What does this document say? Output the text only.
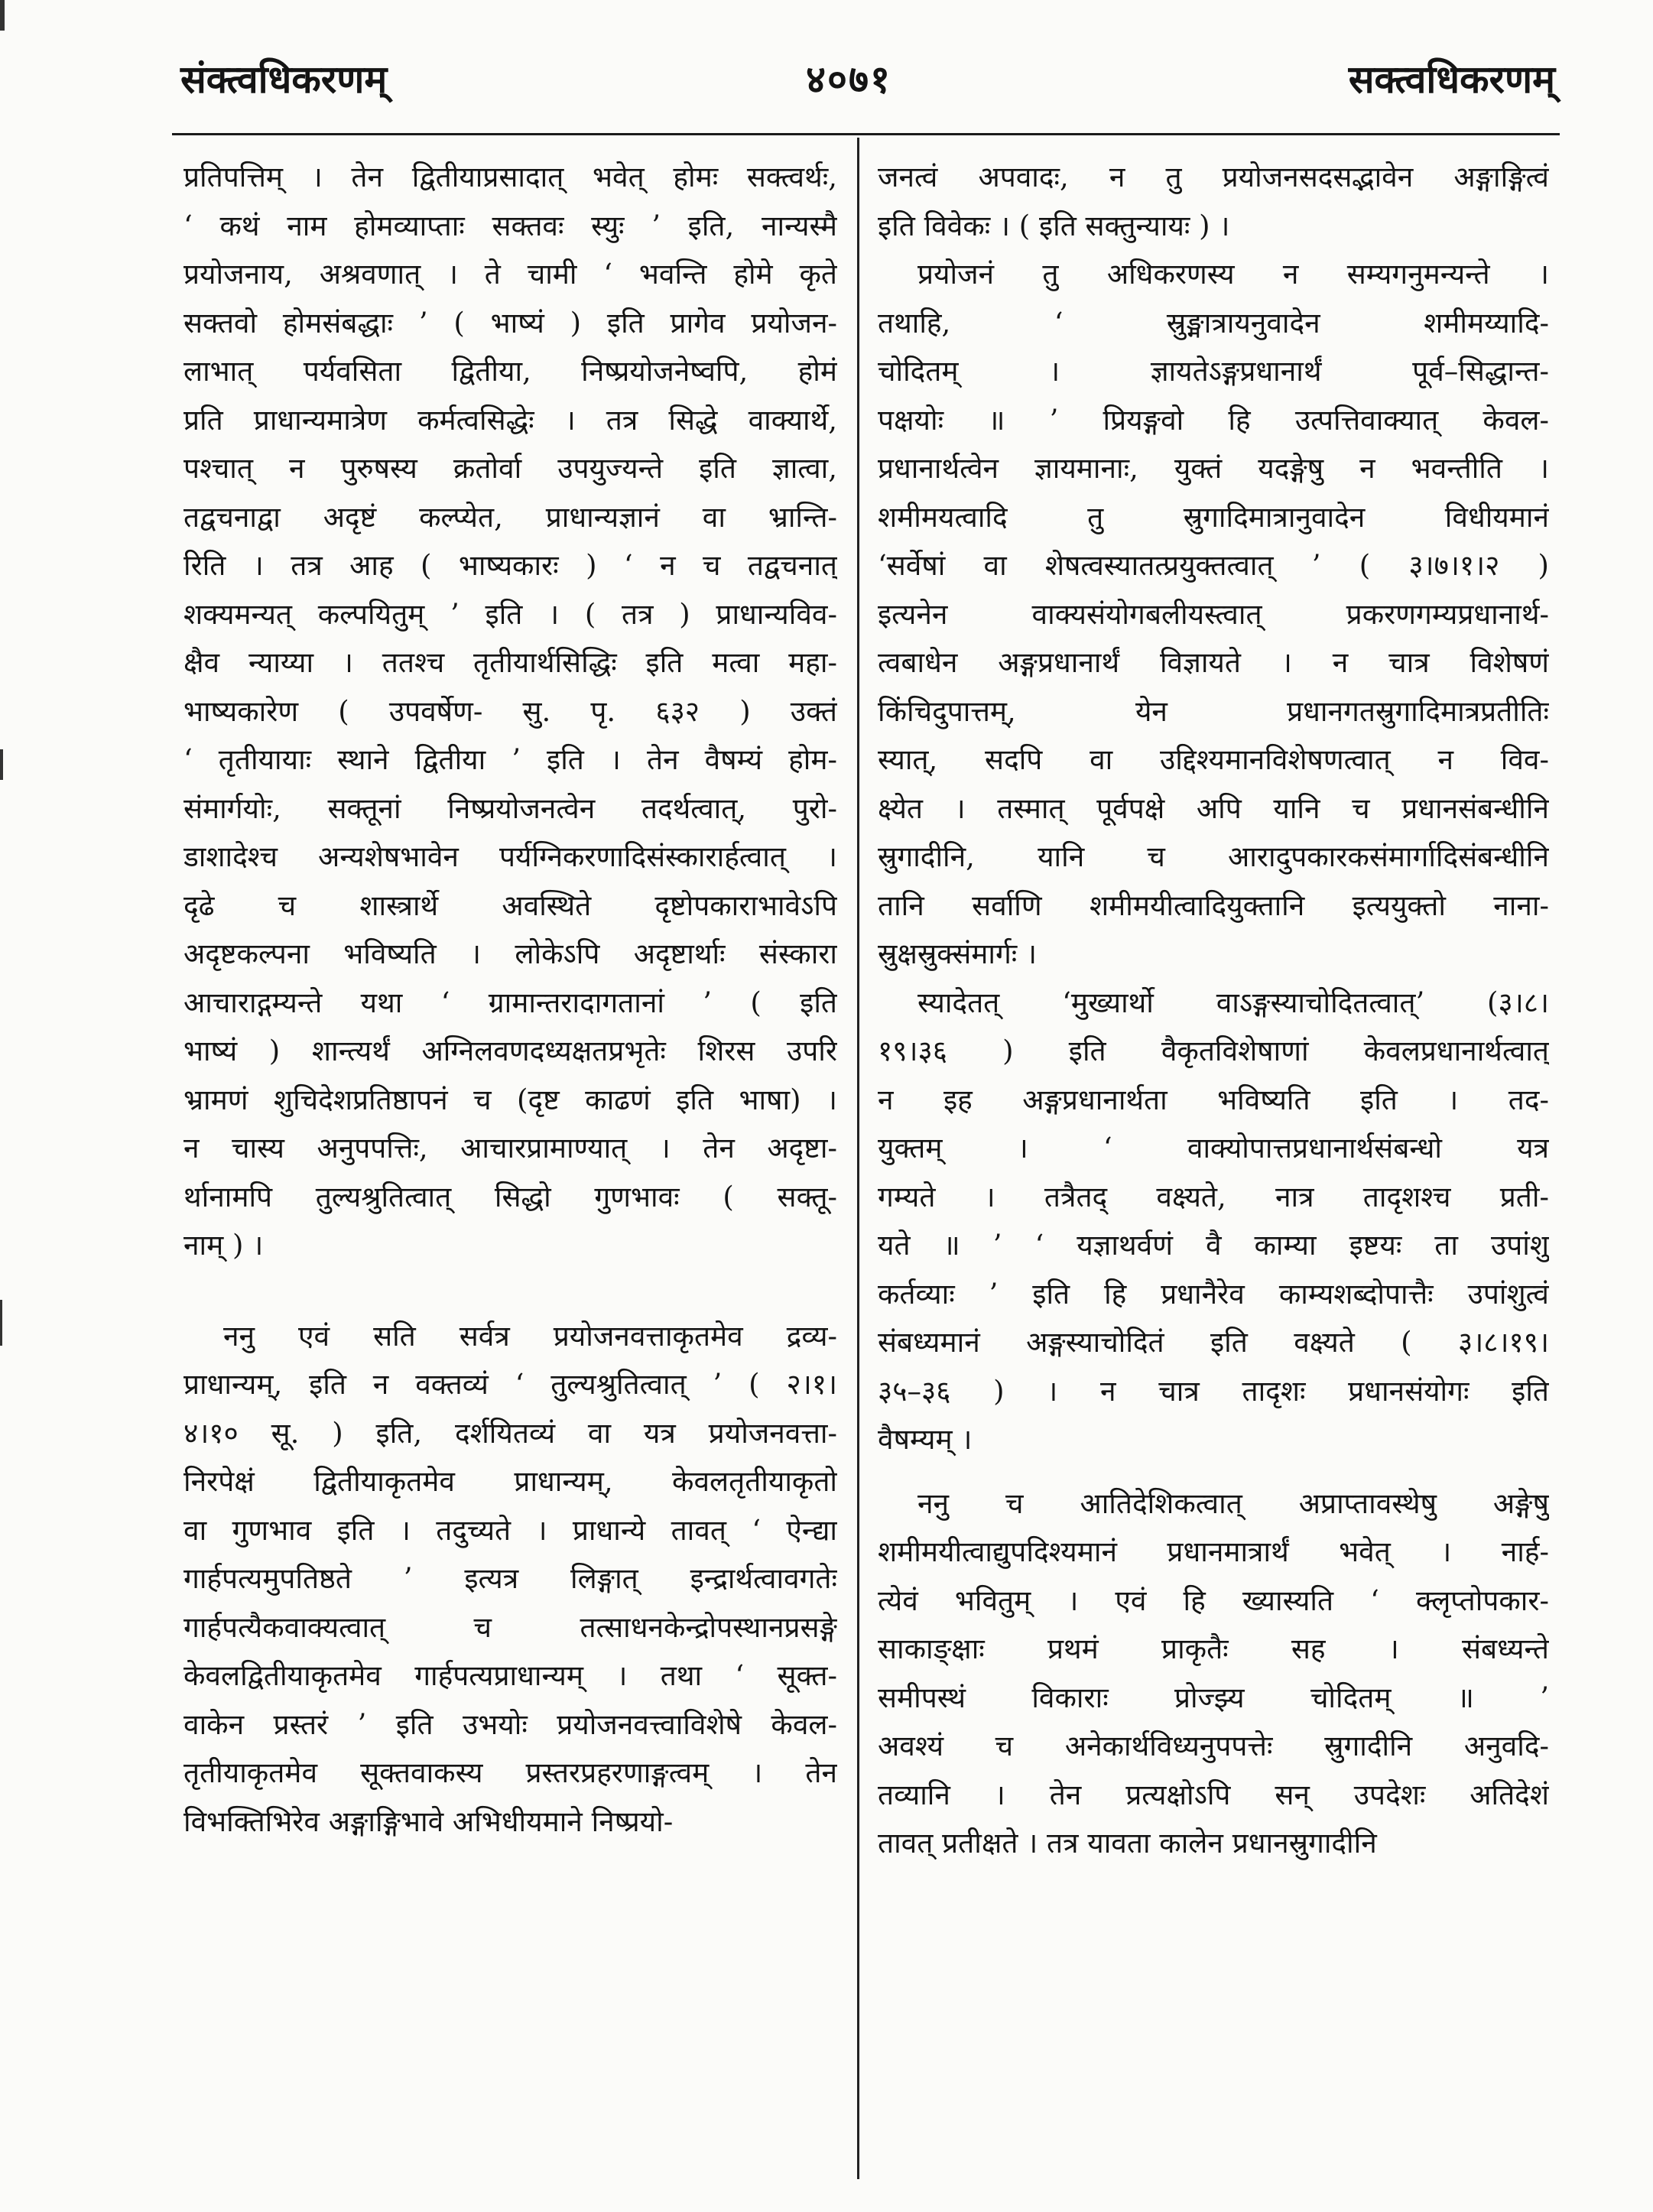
संक्त्वधिकरणम्	४०७१	सक्त्वधिकरणम्
प्रतिपत्तिम् । तेन द्वितीयाप्रसादात् भवेत् होमः सक्त्वर्थः,
‘ कथं नाम होमव्याप्ताः सक्तवः स्युः ’ इति, नान्यस्मै
प्रयोजनाय, अश्रवणात् । ते चामी ‘ भवन्ति होमे कृते
सक्तवो होमसंबद्धाः ’ ( भाष्यं ) इति प्रागेव प्रयोजन-
लाभात् पर्यवसिता द्वितीया, निष्प्रयोजनेष्वपि, होमं
प्रति प्राधान्यमात्रेण कर्मत्वसिद्धेः । तत्र सिद्धे वाक्यार्थे,
पश्चात् न पुरुषस्य क्रतोर्वा उपयुज्यन्ते इति ज्ञात्वा,
तद्वचनाद्वा अदृष्टं कल्प्येत, प्राधान्यज्ञानं वा भ्रान्ति-
रिति । तत्र आह ( भाष्यकारः ) ‘ न च तद्वचनात्
शक्यमन्यत् कल्पयितुम् ’ इति । ( तत्र ) प्राधान्यविव-
क्षैव न्याय्या । ततश्च तृतीयार्थसिद्धिः इति मत्वा महा-
भाष्यकारेण ( उपवर्षेण- सु. पृ. ६३२ ) उक्तं
‘ तृतीयायाः स्थाने द्वितीया ’ इति । तेन वैषम्यं होम-
संमार्गयोः, सक्तूनां निष्प्रयोजनत्वेन तदर्थत्वात्, पुरो-
डाशादेश्च अन्यशेषभावेन पर्यग्निकरणादिसंस्कारार्हत्वात् ।
दृढे च शास्त्रार्थे अवस्थिते दृष्टोपकाराभावेऽपि
अदृष्टकल्पना भविष्यति । लोकेऽपि अदृष्टार्थाः संस्कारा
आचाराद्गम्यन्ते यथा ‘ ग्रामान्तरादागतानां ’ ( इति
भाष्यं ) शान्त्यर्थं अग्निलवणदध्यक्षतप्रभृतेः शिरस उपरि
भ्रामणं शुचिदेशप्रतिष्ठापनं च (दृष्ट काढणं इति भाषा) ।
न चास्य अनुपपत्तिः, आचारप्रामाण्यात् । तेन अदृष्टा-
र्थानामपि तुल्यश्रुतित्वात् सिद्धो गुणभावः ( सक्तू-
नाम् ) ।
ननु एवं सति सर्वत्र प्रयोजनवत्ताकृतमेव द्रव्य-
प्राधान्यम्, इति न वक्तव्यं ‘ तुल्यश्रुतित्वात् ’ ( २।१।
४।१० सू. ) इति, दर्शयितव्यं वा यत्र प्रयोजनवत्ता-
निरपेक्षं द्वितीयाकृतमेव प्राधान्यम्, केवलतृतीयाकृतो
वा गुणभाव इति । तदुच्यते । प्राधान्ये तावत् ‘ ऐन्द्या
गार्हपत्यमुपतिष्ठते ’ इत्यत्र लिङ्गात् इन्द्रार्थत्वावगतेः
गार्हपत्यैकवाक्यत्वात् च तत्साधनकेन्द्रोपस्थानप्रसङ्गे
केवलद्वितीयाकृतमेव गार्हपत्यप्राधान्यम् । तथा ‘ सूक्त-
वाकेन प्रस्तरं ’ इति उभयोः प्रयोजनवत्त्वाविशेषे केवल-
तृतीयाकृतमेव सूक्तवाकस्य प्रस्तरप्रहरणाङ्गत्वम् । तेन
विभक्तिभिरेव अङ्गाङ्गिभावे अभिधीयमाने निष्प्रयो-
जनत्वं अपवादः, न तु प्रयोजनसदसद्भावेन अङ्गाङ्गित्वं
इति विवेकः । ( इति सक्तुन्यायः ) ।
प्रयोजनं तु अधिकरणस्य न सम्यगनुमन्यन्ते ।
तथाहि, ‘ स्रुङ्मात्रायनुवादेन शमीमय्यादि-
चोदितम् । ज्ञायतेऽङ्गप्रधानार्थं पूर्व–सिद्धान्त-
पक्षयोः ॥ ’ प्रियङ्गवो हि उत्पत्तिवाक्यात् केवल-
प्रधानार्थत्वेन ज्ञायमानाः, युक्तं यदङ्गेषु न भवन्तीति ।
शमीमयत्वादि तु स्रुगादिमात्रानुवादेन विधीयमानं
‘सर्वेषां वा शेषत्वस्यातत्प्रयुक्तत्वात् ’ ( ३।७।१।२ )
इत्यनेन वाक्यसंयोगबलीयस्त्वात् प्रकरणगम्यप्रधानार्थ-
त्वबाधेन अङ्गप्रधानार्थं विज्ञायते । न चात्र विशेषणं
किंचिदुपात्तम्, येन प्रधानगतस्रुगादिमात्रप्रतीतिः
स्यात्, सदपि वा उद्दिश्यमानविशेषणत्वात् न विव-
क्ष्येत । तस्मात् पूर्वपक्षे अपि यानि च प्रधानसंबन्धीनि
स्रुगादीनि, यानि च आरादुपकारकसंमार्गादिसंबन्धीनि
तानि सर्वाणि शमीमयीत्वादियुक्तानि इत्ययुक्तो नाना-
स्रुक्षस्रुक्संमार्गः ।
स्यादेतत् ‘मुख्यार्थो वाऽङ्गस्याचोदितत्वात्’ (३।८।
१९।३६ ) इति वैकृतविशेषाणां केवलप्रधानार्थत्वात्
न इह अङ्गप्रधानार्थता भविष्यति इति । तद-
युक्तम् । ‘ वाक्योपात्तप्रधानार्थसंबन्धो यत्र
गम्यते । तत्रैतद् वक्ष्यते, नात्र तादृशश्च प्रती-
यते ॥ ’ ‘ यज्ञाथर्वणं वै काम्या इष्टयः ता उपांशु
कर्तव्याः ’ इति हि प्रधानैरेव काम्यशब्दोपात्तैः उपांशुत्वं
संबध्यमानं अङ्गस्याचोदितं इति वक्ष्यते ( ३।८।१९।
३५–३६ ) । न चात्र तादृशः प्रधानसंयोगः इति
वैषम्यम् ।
ननु च आतिदेशिकत्वात् अप्राप्तावस्थेषु अङ्गेषु
शमीमयीत्वाद्युपदिश्यमानं प्रधानमात्रार्थं भवेत् । नार्ह-
त्येवं भवितुम् । एवं हि ख्यास्यति ‘ क्लृप्तोपकार-
साकाङ्क्षाः प्रथमं प्राकृतैः सह । संबध्यन्ते
समीपस्थं विकाराः प्रोज्झ्य चोदितम् ॥ ’
अवश्यं च अनेकार्थविध्यनुपपत्तेः स्रुगादीनि अनुवदि-
तव्यानि । तेन प्रत्यक्षोऽपि सन् उपदेशः अतिदेशं
तावत् प्रतीक्षते । तत्र यावता कालेन प्रधानस्रुगादीनि
